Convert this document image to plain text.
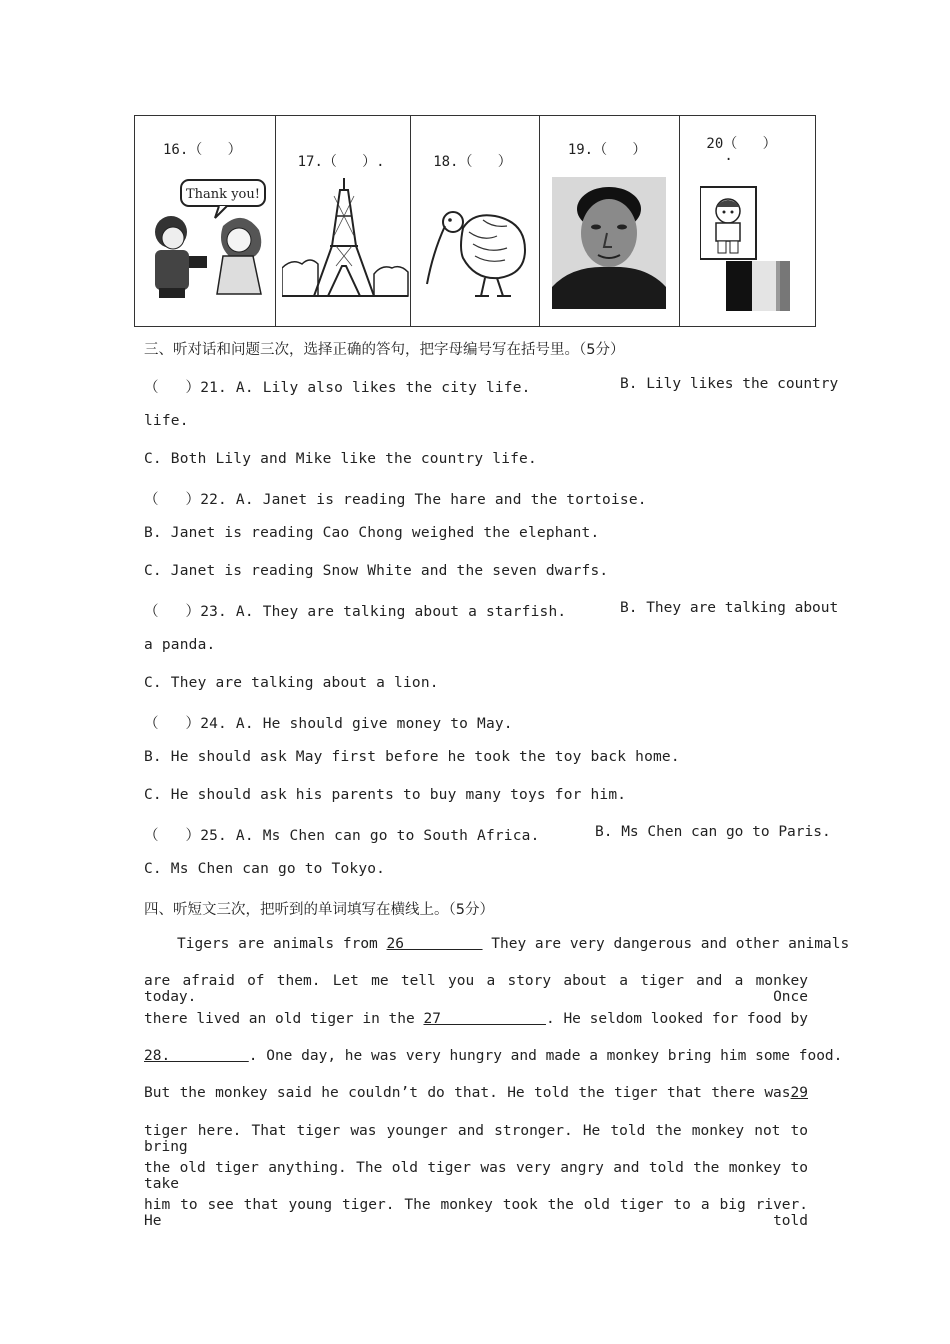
16.（   ）
Thank you!
17.（   ）.	18.（   ）
19.（   ）	20（   ）
.
三、听对话和问题三次，选择正确的答句，把字母编号写在括号里。（5分）
（   ）21. A. Lily also likes the city life.	B. Lily likes the country
life.
C. Both Lily and Mike like the country life.
（   ）22. A. Janet is reading The hare and the tortoise.
B. Janet is reading Cao Chong weighed the elephant.
C. Janet is reading Snow White and the seven dwarfs.
（   ）23. A. They are talking about a starfish.	B. They are talking about
a panda.
C. They are talking about a lion.
（   ）24. A. He should give money to May.
B. He should ask May first before he took the toy back home.
C. He should ask his parents to buy many toys for him.
（   ）25. A. Ms Chen can go to South Africa.	B. Ms Chen can go to Paris.
C. Ms Chen can go to Tokyo.
四、听短文三次，把听到的单词填写在横线上。（5分）
Tigers are animals from 26          They are very dangerous and other animals
are afraid of them. Let me tell you a story about a tiger and a monkey today. Once
there lived an old tiger in the 27            . He seldom looked for food by
28.         . One day, he was very hungry and made a monkey bring him some food.
But the monkey said he couldn’t do that. He told the tiger that there was29
tiger here. That tiger was younger and stronger. He told the monkey not to bring
the old tiger anything. The old tiger was very angry and told the monkey to take
him to see that young tiger. The monkey took the old tiger to a big river. He told
